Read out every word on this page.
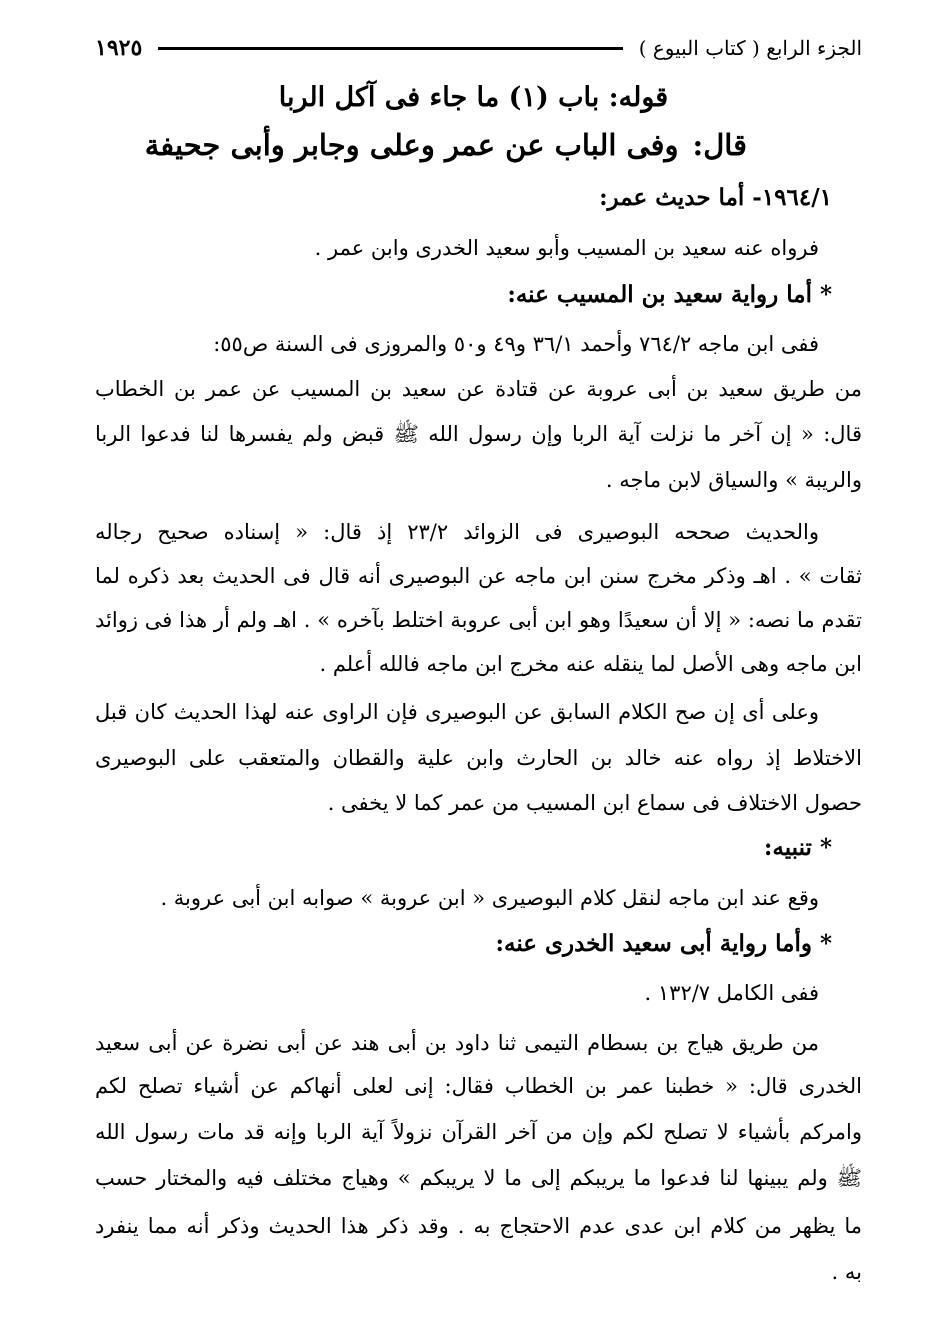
الجزء الرابع ( كتاب البيوع )
١٩٢٥
قوله: باب (١) ما جاء فى آكل الربا
قال:وفى الباب عن عمر وعلى وجابر وأبى جحيفة
١٩٦٤/١- أما حديث عمر:
فرواه عنه سعيد بن المسيب وأبو سعيد الخدرى وابن عمر .
* أما رواية سعيد بن المسيب عنه:
ففى ابن ماجه ٧٦٤/٢ وأحمد ٣٦/١ و٤٩ و٥٠ والمروزى فى السنة ص٥٥:
من طريق سعيد بن أبى عروبة عن قتادة عن سعيد بن المسيب عن عمر بن الخطاب
قال: « إن آخر ما نزلت آية الربا وإن رسول الله ﷺ قبض ولم يفسرها لنا فدعوا الربا
والريبة » والسياق لابن ماجه .
والحديث صححه البوصيرى فى الزوائد ٢٣/٢ إذ قال: « إسناده صحيح رجاله
ثقات » . اهـ وذكر مخرج سنن ابن ماجه عن البوصيرى أنه قال فى الحديث بعد ذكره لما
تقدم ما نصه: « إلا أن سعيدًا وهو ابن أبى عروبة اختلط بآخره » . اهـ ولم أر هذا فى زوائد
ابن ماجه وهى الأصل لما ينقله عنه مخرج ابن ماجه فالله أعلم .
وعلى أى إن صح الكلام السابق عن البوصيرى فإن الراوى عنه لهذا الحديث كان قبل
الاختلاط إذ رواه عنه خالد بن الحارث وابن علية والقطان والمتعقب على البوصيرى
حصول الاختلاف فى سماع ابن المسيب من عمر كما لا يخفى .
* تنبيه:
وقع عند ابن ماجه لنقل كلام البوصيرى « ابن عروبة » صوابه ابن أبى عروبة .
* وأما رواية أبى سعيد الخدرى عنه:
ففى الكامل ١٣٢/٧ .
من طريق هياج بن بسطام التيمى ثنا داود بن أبى هند عن أبى نضرة عن أبى سعيد
الخدرى قال: « خطبنا عمر بن الخطاب فقال: إنى لعلى أنهاكم عن أشياء تصلح لكم
وامركم بأشياء لا تصلح لكم وإن من آخر القرآن نزولاً آية الربا وإنه قد مات رسول الله
ﷺ ولم يبينها لنا فدعوا ما يريبكم إلى ما لا يريبكم » وهياج مختلف فيه والمختار حسب
ما يظهر من كلام ابن عدى عدم الاحتجاج به . وقد ذكر هذا الحديث وذكر أنه مما ينفرد
به .
